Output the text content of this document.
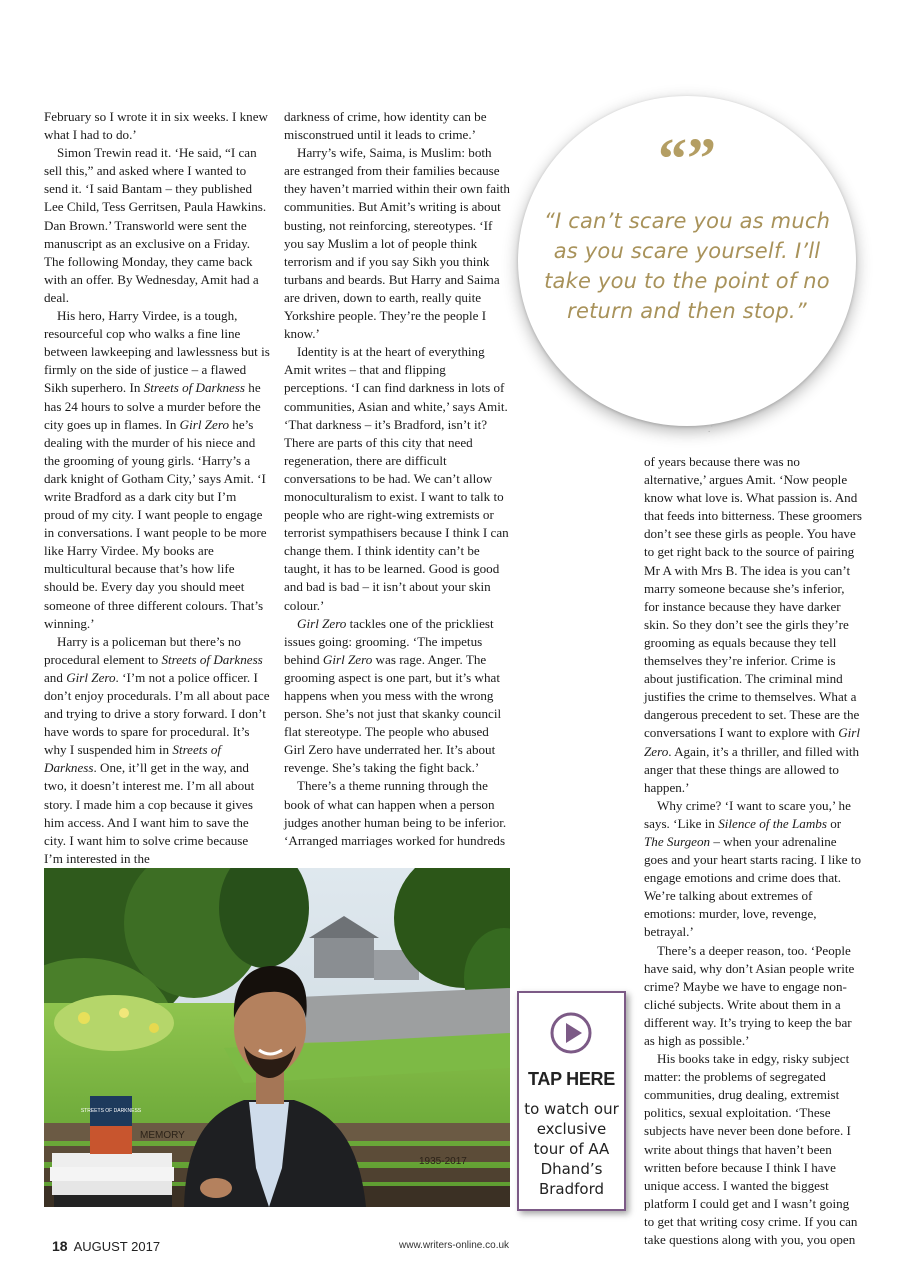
February so I wrote it in six weeks. I knew what I had to do.’

Simon Trewin read it. ‘He said, “I can sell this,” and asked where I wanted to send it. ‘I said Bantam – they published Lee Child, Tess Gerritsen, Paula Hawkins. Dan Brown.’ Transworld were sent the manuscript as an exclusive on a Friday. The following Monday, they came back with an offer. By Wednesday, Amit had a deal.

His hero, Harry Virdee, is a tough, resourceful cop who walks a fine line between lawkeeping and lawlessness but is firmly on the side of justice – a flawed Sikh superhero. In Streets of Darkness he has 24 hours to solve a murder before the city goes up in flames. In Girl Zero he’s dealing with the murder of his niece and the grooming of young girls. ‘Harry’s a dark knight of Gotham City,’ says Amit. ‘I write Bradford as a dark city but I’m proud of my city. I want people to engage in conversations. I want people to be more like Harry Virdee. My books are multicultural because that’s how life should be. Every day you should meet someone of three different colours. That’s winning.’

Harry is a policeman but there’s no procedural element to Streets of Darkness and Girl Zero. ‘I’m not a police officer. I don’t enjoy procedurals. I’m all about pace and trying to drive a story forward. I don’t have words to spare for procedural. It’s why I suspended him in Streets of Darkness. One, it’ll get in the way, and two, it doesn’t interest me. I’m all about story. I made him a cop because it gives him access. And I want him to save the city. I want him to solve crime because I’m interested in the

darkness of crime, how identity can be misconstrued until it leads to crime.’

Harry’s wife, Saima, is Muslim: both are estranged from their families because they haven’t married within their own faith communities. But Amit’s writing is about busting, not reinforcing, stereotypes. ‘If you say Muslim a lot of people think terrorism and if you say Sikh you think turbans and beards. But Harry and Saima are driven, down to earth, really quite Yorkshire people. They’re the people I know.’

Identity is at the heart of everything Amit writes – that and flipping perceptions. ‘I can find darkness in lots of communities, Asian and white,’ says Amit. ‘That darkness – it’s Bradford, isn’t it? There are parts of this city that need regeneration, there are difficult conversations to be had. We can’t allow monoculturalism to exist. I want to talk to people who are right-wing extremists or terrorist sympathisers because I think I can change them. I think identity can’t be taught, it has to be learned. Good is good and bad is bad – it isn’t about your skin colour.’

Girl Zero tackles one of the prickliest issues going: grooming. ‘The impetus behind Girl Zero was rage. Anger. The grooming aspect is one part, but it’s what happens when you mess with the wrong person. She’s not just that skanky council flat stereotype. The people who abused Girl Zero have underrated her. It’s about revenge. She’s taking the fight back.’

There’s a theme running through the book of what can happen when a person judges another human being to be inferior. ‘Arranged marriages worked for hundreds

of years because there was no alternative,’ argues Amit. ‘Now people know what love is. What passion is. And that feeds into bitterness. These groomers don’t see these girls as people. You have to get right back to the source of pairing Mr A with Mrs B. The idea is you can’t marry someone because she’s inferior, for instance because they have darker skin. So they don’t see the girls they’re grooming as equals because they tell themselves they’re inferior. Crime is about justification. The criminal mind justifies the crime to themselves. What a dangerous precedent to set. These are the conversations I want to explore with Girl Zero. Again, it’s a thriller, and filled with anger that these things are allowed to happen.’

Why crime? ‘I want to scare you,’ he says. ‘Like in Silence of the Lambs or The Surgeon – when your adrenaline goes and your heart starts racing. I like to engage emotions and crime does that. We’re talking about extremes of emotions: murder, love, revenge, betrayal.’

There’s a deeper reason, too. ‘People have said, why don’t Asian people write crime? Maybe we have to engage non-cliché subjects. Write about them in a different way. It’s trying to keep the bar as high as possible.’

His books take in edgy, risky subject matter: the problems of segregated communities, drug dealing, extremist politics, sexual exploitation. ‘These subjects have never been done before. I write about things that haven’t been written before because I think I have unique access. I wanted the biggest platform I could get and I wasn’t going to get that writing cosy crime. If you can take questions along with you, you open

“”
“I can’t scare you as much as you scare yourself. I’ll take you to the point of no return and then stop.”
.˙
MEMORY
1935-2017
STREETS OF DARKNESS
TAP HERE
to watch our exclusive tour of AA Dhand’s Bradford
18 AUGUST 2017	www.writers-online.co.uk
